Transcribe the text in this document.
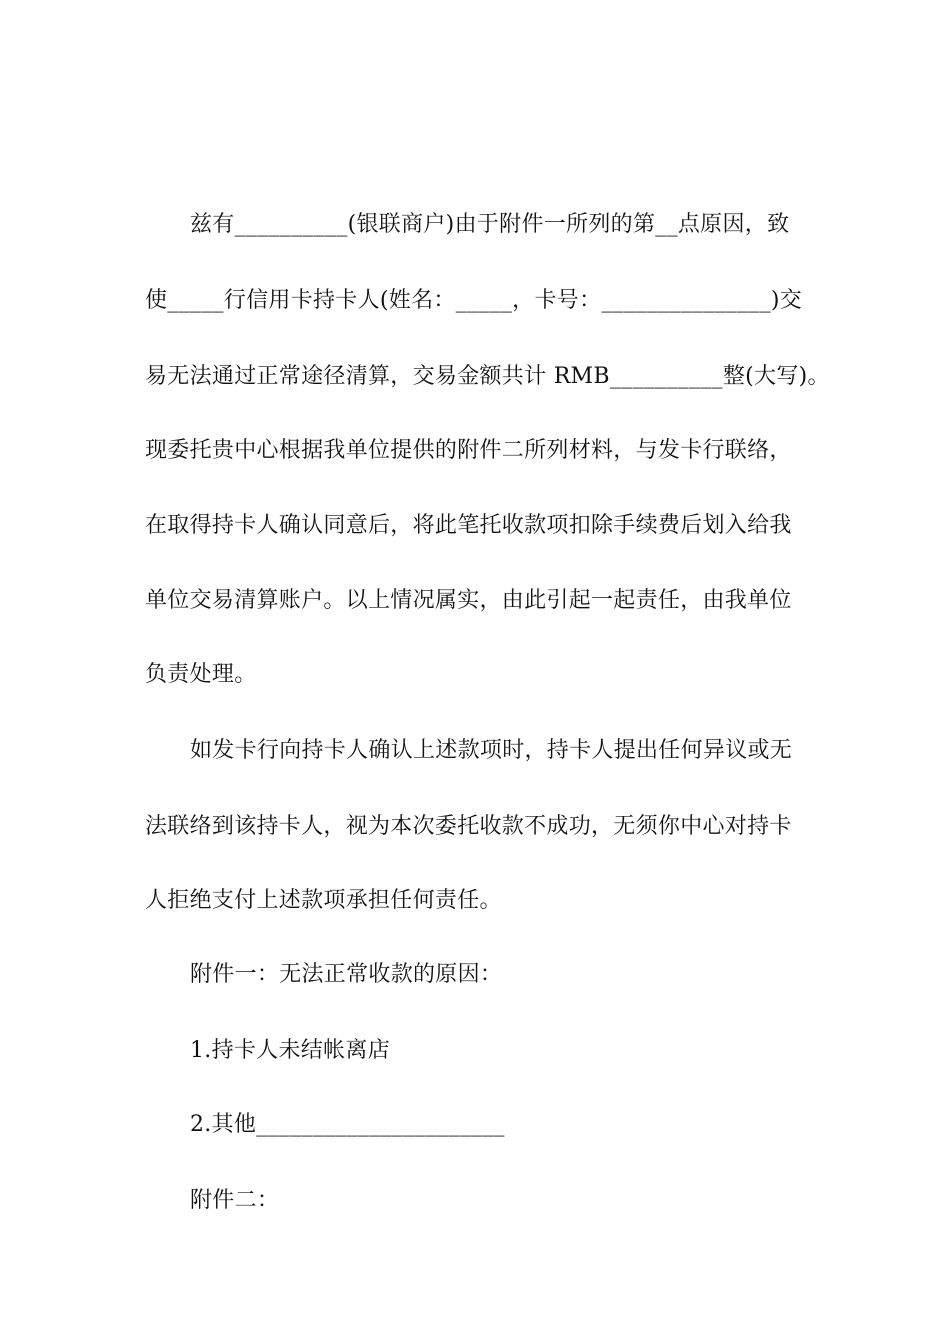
兹有__________(银联商户)由于附件一所列的第__点原因，致
使_____行信用卡持卡人(姓名：_____，卡号：_______________)交
易无法通过正常途径清算，交易金额共计 RMB__________整(大写)。
现委托贵中心根据我单位提供的附件二所列材料，与发卡行联络，
在取得持卡人确认同意后，将此笔托收款项扣除手续费后划入给我
单位交易清算账户。以上情况属实，由此引起一起责任，由我单位
负责处理。
如发卡行向持卡人确认上述款项时，持卡人提出任何异议或无
法联络到该持卡人，视为本次委托收款不成功，无须你中心对持卡
人拒绝支付上述款项承担任何责任。
附件一：无法正常收款的原因：
1.持卡人未结帐离店
2.其他______________________
附件二：
